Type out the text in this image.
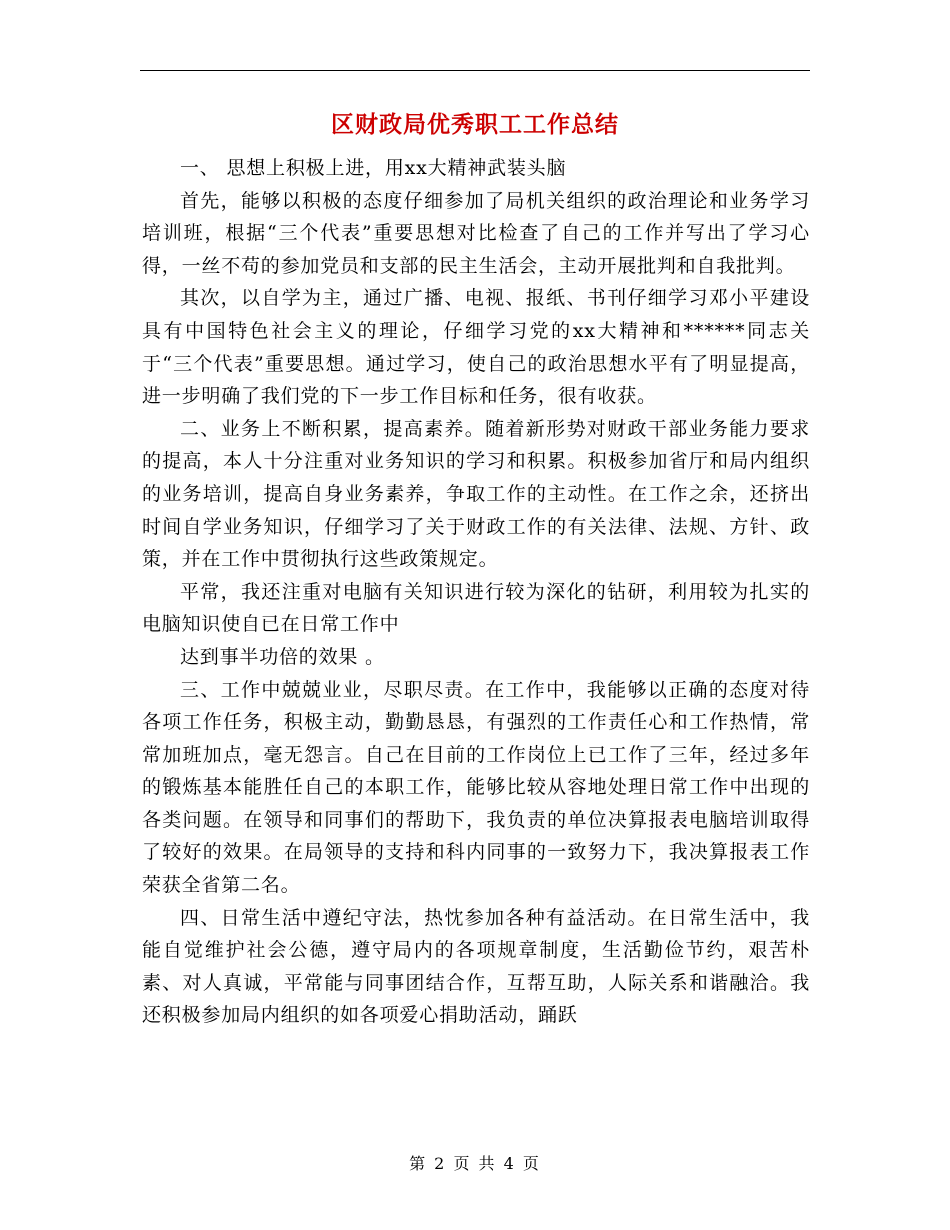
区财政局优秀职工工作总结

一、 思想上积极上进，用xx大精神武装头脑

首先，能够以积极的态度仔细参加了局机关组织的政治理论和业务学习培训班，根据“三个代表”重要思想对比检查了自己的工作并写出了学习心得，一丝不苟的参加党员和支部的民主生活会，主动开展批判和自我批判。

其次，以自学为主，通过广播、电视、报纸、书刊仔细学习邓小平建设具有中国特色社会主义的理论，仔细学习党的xx大精神和******同志关于“三个代表”重要思想。通过学习，使自己的政治思想水平有了明显提高，进一步明确了我们党的下一步工作目标和任务，很有收获。

二、业务上不断积累，提高素养。随着新形势对财政干部业务能力要求的提高，本人十分注重对业务知识的学习和积累。积极参加省厅和局内组织的业务培训，提高自身业务素养，争取工作的主动性。在工作之余，还挤出时间自学业务知识，仔细学习了关于财政工作的有关法律、法规、方针、政策，并在工作中贯彻执行这些政策规定。

平常，我还注重对电脑有关知识进行较为深化的钻研，利用较为扎实的电脑知识使自已在日常工作中

达到事半功倍的效果 。

三、工作中兢兢业业，尽职尽责。在工作中，我能够以正确的态度对待各项工作任务，积极主动，勤勤恳恳，有强烈的工作责任心和工作热情，常常加班加点，毫无怨言。自己在目前的工作岗位上已工作了三年，经过多年的锻炼基本能胜任自己的本职工作，能够比较从容地处理日常工作中出现的各类问题。在领导和同事们的帮助下，我负责的单位决算报表电脑培训取得了较好的效果。在局领导的支持和科内同事的一致努力下，我决算报表工作荣获全省第二名。

四、日常生活中遵纪守法，热忱参加各种有益活动。在日常生活中，我能自觉维护社会公德，遵守局内的各项规章制度，生活勤俭节约，艰苦朴素、对人真诚，平常能与同事团结合作，互帮互助，人际关系和谐融洽。我还积极参加局内组织的如各项爱心捐助活动，踊跃

第 2 页 共 4 页
